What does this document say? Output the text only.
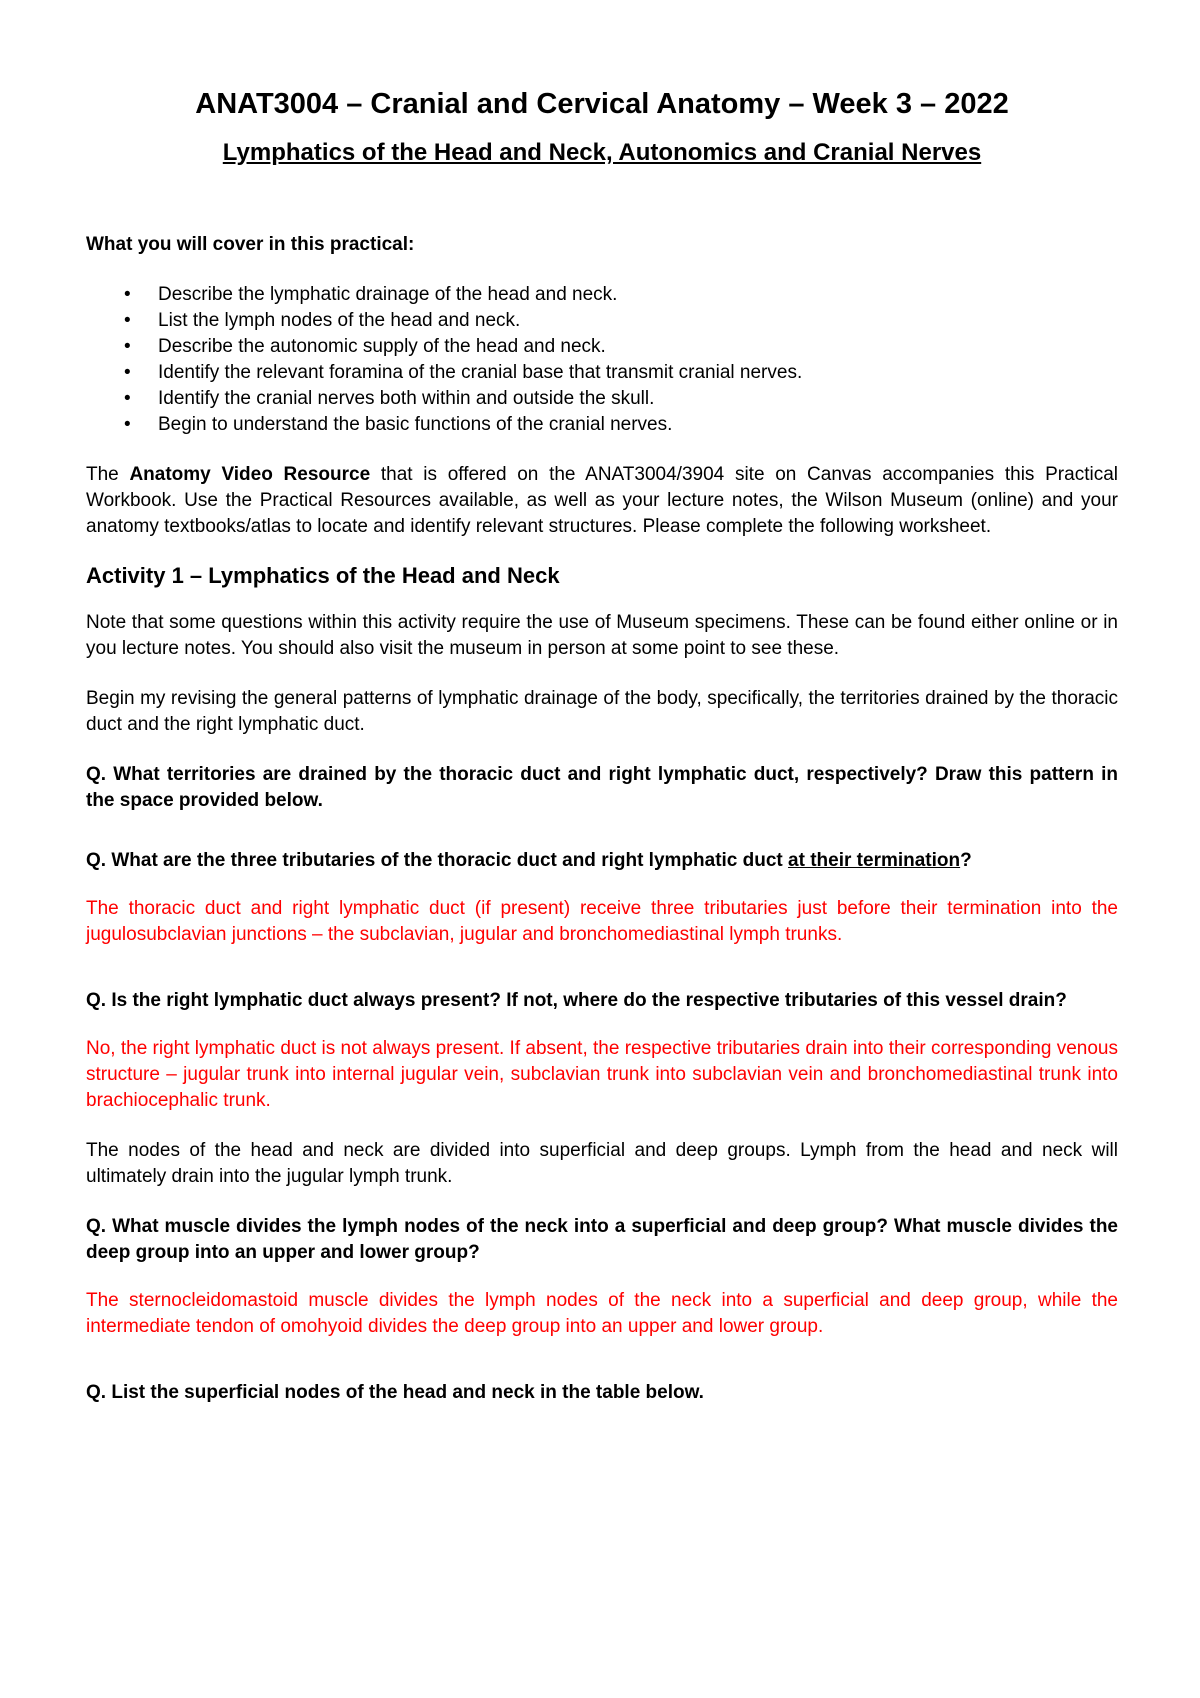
ANAT3004 – Cranial and Cervical Anatomy – Week 3 – 2022
Lymphatics of the Head and Neck, Autonomics and Cranial Nerves

What you will cover in this practical:

• Describe the lymphatic drainage of the head and neck.
• List the lymph nodes of the head and neck.
• Describe the autonomic supply of the head and neck.
• Identify the relevant foramina of the cranial base that transmit cranial nerves.
• Identify the cranial nerves both within and outside the skull.
• Begin to understand the basic functions of the cranial nerves.

The Anatomy Video Resource that is offered on the ANAT3004/3904 site on Canvas accompanies this Practical Workbook. Use the Practical Resources available, as well as your lecture notes, the Wilson Museum (online) and your anatomy textbooks/atlas to locate and identify relevant structures. Please complete the following worksheet.

Activity 1 – Lymphatics of the Head and Neck

Note that some questions within this activity require the use of Museum specimens. These can be found either online or in you lecture notes. You should also visit the museum in person at some point to see these.

Begin my revising the general patterns of lymphatic drainage of the body, specifically, the territories drained by the thoracic duct and the right lymphatic duct.

Q. What territories are drained by the thoracic duct and right lymphatic duct, respectively? Draw this pattern in the space provided below.

Q. What are the three tributaries of the thoracic duct and right lymphatic duct at their termination?

The thoracic duct and right lymphatic duct (if present) receive three tributaries just before their termination into the jugulosubclavian junctions – the subclavian, jugular and bronchomediastinal lymph trunks.

Q. Is the right lymphatic duct always present? If not, where do the respective tributaries of this vessel drain?

No, the right lymphatic duct is not always present. If absent, the respective tributaries drain into their corresponding venous structure – jugular trunk into internal jugular vein, subclavian trunk into subclavian vein and bronchomediastinal trunk into brachiocephalic trunk.

The nodes of the head and neck are divided into superficial and deep groups. Lymph from the head and neck will ultimately drain into the jugular lymph trunk.

Q. What muscle divides the lymph nodes of the neck into a superficial and deep group? What muscle divides the deep group into an upper and lower group?

The sternocleidomastoid muscle divides the lymph nodes of the neck into a superficial and deep group, while the intermediate tendon of omohyoid divides the deep group into an upper and lower group.

Q. List the superficial nodes of the head and neck in the table below.
